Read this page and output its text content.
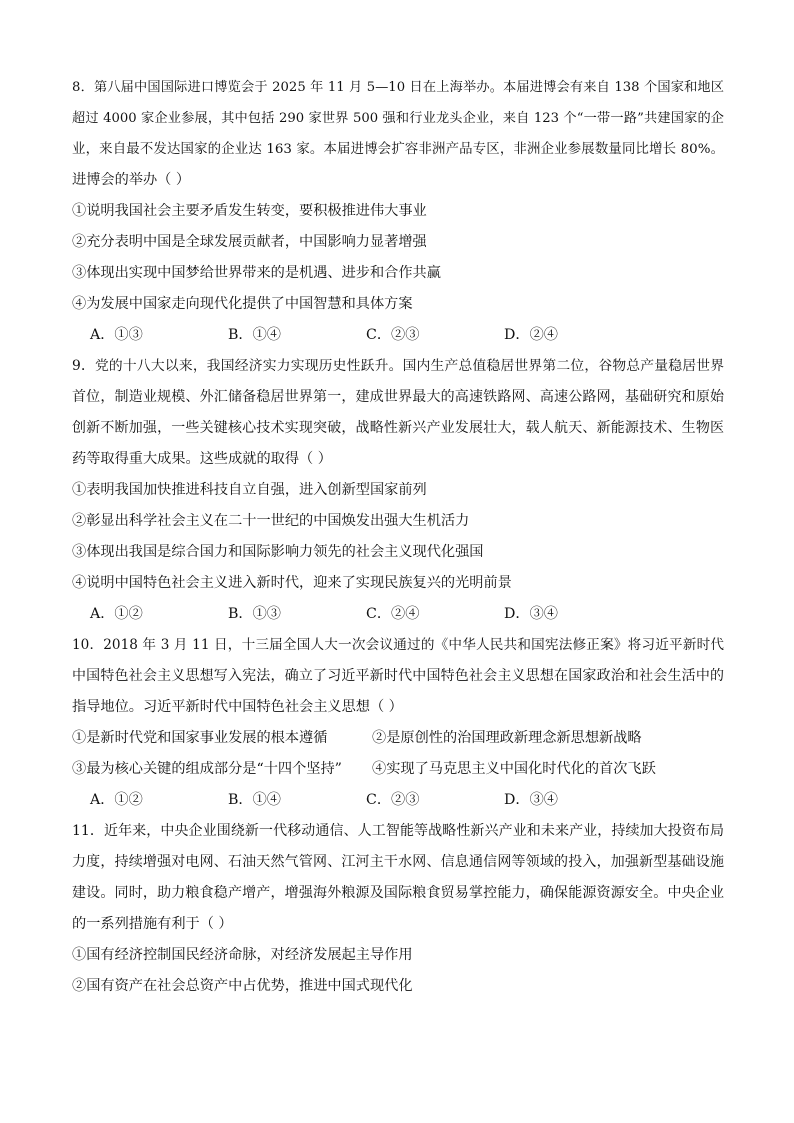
8．第八届中国国际进口博览会于 2025 年 11 月 5—10 日在上海举办。本届进博会有来自 138 个国家和地区
超过 4000 家企业参展，其中包括 290 家世界 500 强和行业龙头企业，来自 123 个“一带一路”共建国家的企
业，来自最不发达国家的企业达 163 家。本届进博会扩容非洲产品专区，非洲企业参展数量同比增长 80%。
进博会的举办（ ）
①说明我国社会主要矛盾发生转变，要积极推进伟大事业
②充分表明中国是全球发展贡献者，中国影响力显著增强
③体现出实现中国梦给世界带来的是机遇、进步和合作共赢
④为发展中国家走向现代化提供了中国智慧和具体方案
A．①③	B．①④	C．②③	D．②④
9．党的十八大以来，我国经济实力实现历史性跃升。国内生产总值稳居世界第二位，谷物总产量稳居世界
首位，制造业规模、外汇储备稳居世界第一，建成世界最大的高速铁路网、高速公路网，基础研究和原始
创新不断加强，一些关键核心技术实现突破，战略性新兴产业发展壮大，载人航天、新能源技术、生物医
药等取得重大成果。这些成就的取得（ ）
①表明我国加快推进科技自立自强，进入创新型国家前列
②彰显出科学社会主义在二十一世纪的中国焕发出强大生机活力
③体现出我国是综合国力和国际影响力领先的社会主义现代化强国
④说明中国特色社会主义进入新时代，迎来了实现民族复兴的光明前景
A．①②	B．①③	C．②④	D．③④
10．2018 年 3 月 11 日，十三届全国人大一次会议通过的《中华人民共和国宪法修正案》将习近平新时代
中国特色社会主义思想写入宪法，确立了习近平新时代中国特色社会主义思想在国家政治和社会生活中的
指导地位。习近平新时代中国特色社会主义思想（ ）
①是新时代党和国家事业发展的根本遵循	②是原创性的治国理政新理念新思想新战略
③最为核心关键的组成部分是“十四个坚持”	④实现了马克思主义中国化时代化的首次飞跃
A．①②	B．①④	C．②③	D．③④
11．近年来，中央企业围绕新一代移动通信、人工智能等战略性新兴产业和未来产业，持续加大投资布局
力度，持续增强对电网、石油天然气管网、江河主干水网、信息通信网等领域的投入，加强新型基础设施
建设。同时，助力粮食稳产增产，增强海外粮源及国际粮食贸易掌控能力，确保能源资源安全。中央企业
的一系列措施有利于（ ）
①国有经济控制国民经济命脉，对经济发展起主导作用
②国有资产在社会总资产中占优势，推进中国式现代化
